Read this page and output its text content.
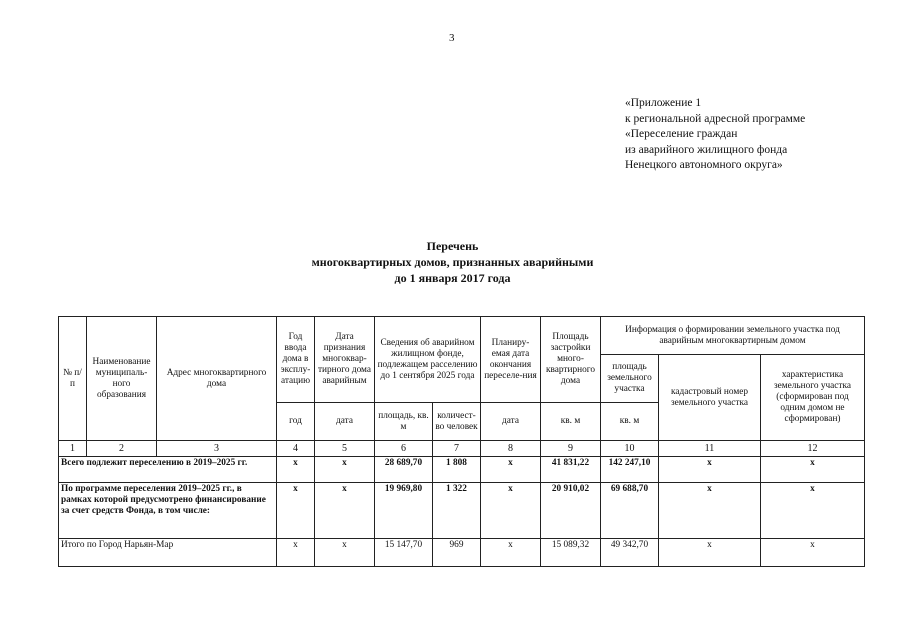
3
«Приложение 1
к региональной адресной программе
«Переселение граждан
из аварийного жилищного фонда
Ненецкого автономного округа»
Перечень
многоквартирных домов, признанных аварийными
до 1 января 2017 года
№ п/п	Наименование муниципаль-ного образования	Адрес многоквартирного дома	Год ввода дома в эксплу-атацию	Дата признания многоквар-тирного дома аварийным	Сведения об аварийном жилищном фонде, подлежащем расселению до 1 сентября 2025 года		Планиру-емая дата окончания переселе-ния	Площадь застройки много-квартирного дома	Информация о формировании земельного участка под аварийным многоквартирным домом		
									площадь земельного участка	кадастровый номер земельного участка	характеристика земельного участка (сформирован под одним домом не сформирован)
			год	дата	площадь, кв. м	количест-во человек	дата	кв. м	кв. м		
1	2	3	4	5	6	7	8	9	10	11	12
Всего подлежит переселению в 2019–2025 гг.			х	х	28 689,70	1 808	х	41 831,22	142 247,10	х	х
По программе переселения 2019–2025 гг., в рамках которой предусмотрено финансирование за счет средств Фонда, в том числе:			х	х	19 969,80	1 322	х	20 910,02	69 688,70	х	х
Итого по Город Нарьян-Мар			х	х	15 147,70	969	х	15 089,32	49 342,70	х	х
